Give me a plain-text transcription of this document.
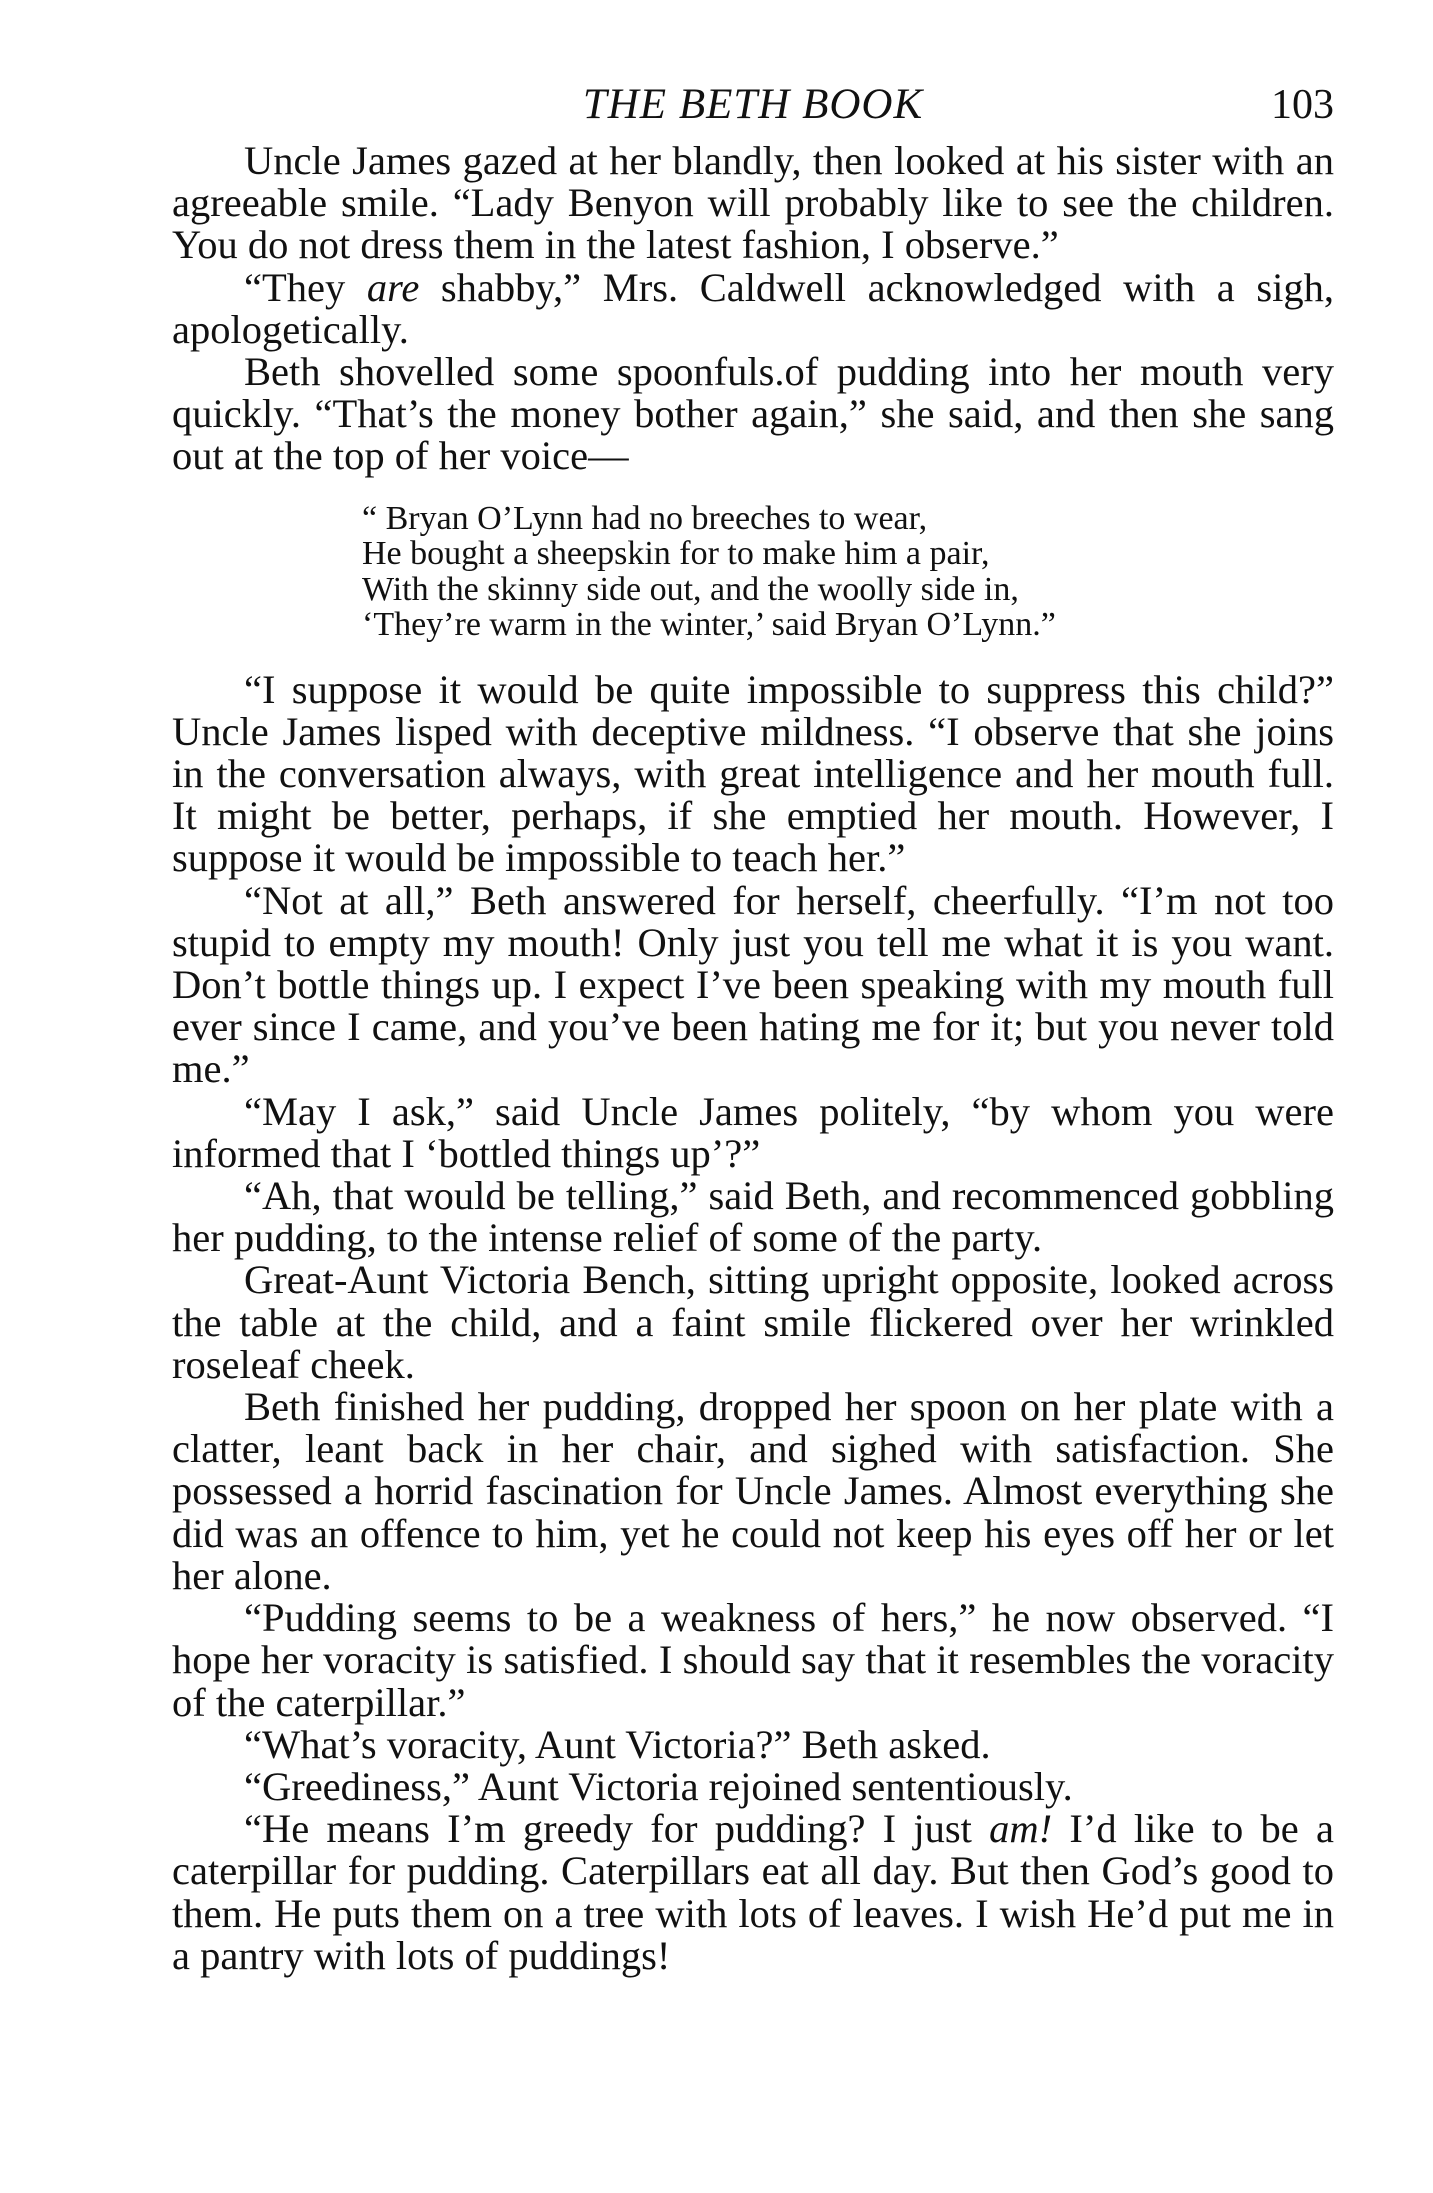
THE BETH BOOK	103

Uncle James gazed at her blandly, then looked at his sister with an agreeable smile. “Lady Benyon will probably like to see the children. You do not dress them in the latest fashion, I observe.”

“They are shabby,” Mrs. Caldwell acknowledged with a sigh, apologetically.

Beth shovelled some spoonfuls.of pudding into her mouth very quickly. “That’s the money bother again,” she said, and then she sang out at the top of her voice—

“ Bryan O’Lynn had no breeches to wear,
He bought a sheepskin for to make him a pair,
With the skinny side out, and the woolly side in,
‘They’re warm in the winter,’ said Bryan O’Lynn.”

“I suppose it would be quite impossible to suppress this child?” Uncle James lisped with deceptive mildness. “I observe that she joins in the conversation always, with great intelligence and her mouth full. It might be better, perhaps, if she emptied her mouth. However, I suppose it would be impossible to teach her.”

“Not at all,” Beth answered for herself, cheerfully. “I’m not too stupid to empty my mouth! Only just you tell me what it is you want. Don’t bottle things up. I expect I’ve been speaking with my mouth full ever since I came, and you’ve been hating me for it; but you never told me.”

“May I ask,” said Uncle James politely, “by whom you were informed that I ‘bottled things up’?”

“Ah, that would be telling,” said Beth, and recommenced gobbling her pudding, to the intense relief of some of the party.

Great-Aunt Victoria Bench, sitting upright opposite, looked across the table at the child, and a faint smile flickered over her wrinkled roseleaf cheek.

Beth finished her pudding, dropped her spoon on her plate with a clatter, leant back in her chair, and sighed with satisfaction. She possessed a horrid fascination for Uncle James. Almost everything she did was an offence to him, yet he could not keep his eyes off her or let her alone.

“Pudding seems to be a weakness of hers,” he now observed. “I hope her voracity is satisfied. I should say that it resembles the voracity of the caterpillar.”

“What’s voracity, Aunt Victoria?” Beth asked.

“Greediness,” Aunt Victoria rejoined sententiously.

“He means I’m greedy for pudding? I just am! I’d like to be a caterpillar for pudding. Caterpillars eat all day. But then God’s good to them. He puts them on a tree with lots of leaves. I wish He’d put me in a pantry with lots of puddings!
